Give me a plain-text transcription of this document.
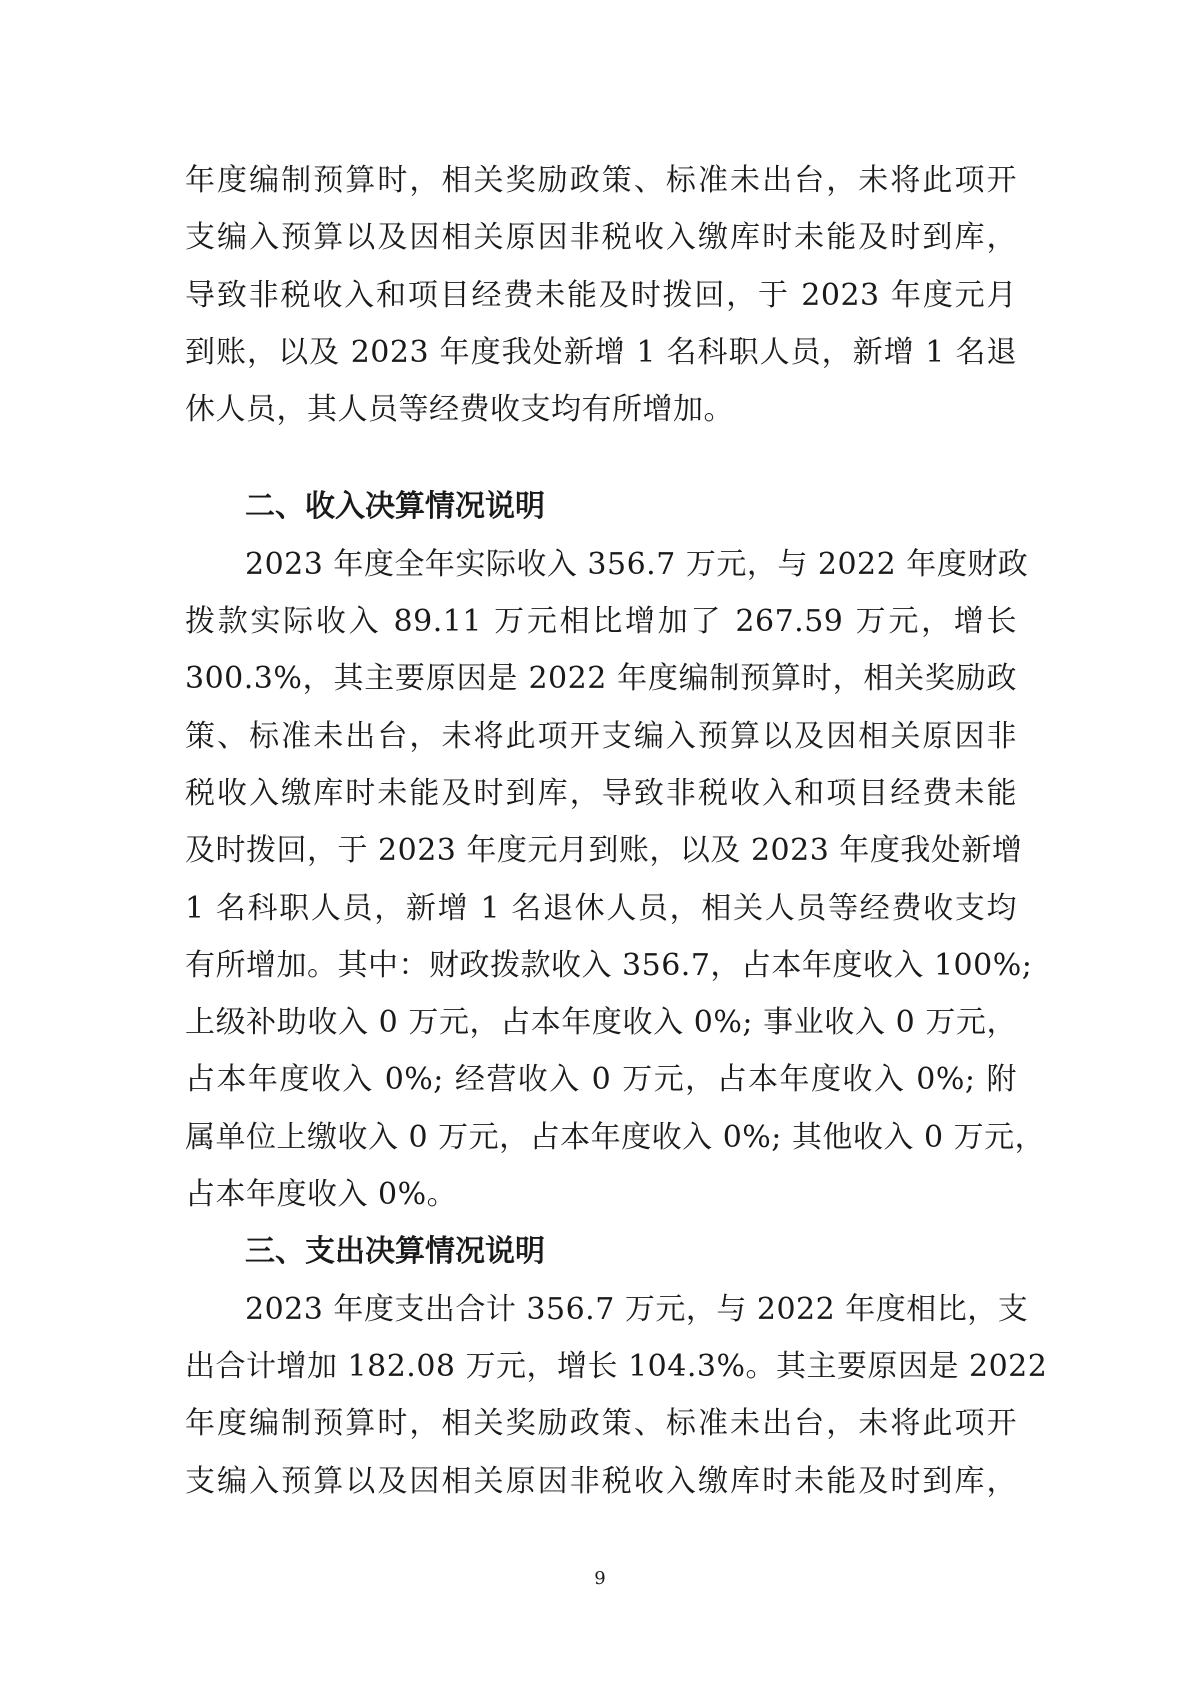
年度编制预算时，相关奖励政策、标准未出台，未将此项开
支编入预算以及因相关原因非税收入缴库时未能及时到库，
导致非税收入和项目经费未能及时拨回，于 2023 年度元月
到账，以及 2023 年度我处新增 1 名科职人员，新增 1 名退
休人员，其人员等经费收支均有所增加。
二、收入决算情况说明
2023 年度全年实际收入 356.7 万元，与 2022 年度财政
拨款实际收入 89.11 万元相比增加了 267.59 万元，增长
300.3%，其主要原因是 2022 年度编制预算时，相关奖励政
策、标准未出台，未将此项开支编入预算以及因相关原因非
税收入缴库时未能及时到库，导致非税收入和项目经费未能
及时拨回，于 2023 年度元月到账，以及 2023 年度我处新增
1 名科职人员，新增 1 名退休人员，相关人员等经费收支均
有所增加。其中：财政拨款收入 356.7，占本年度收入 100%;
上级补助收入 0 万元，占本年度收入 0%; 事业收入 0 万元，
占本年度收入 0%; 经营收入 0 万元，占本年度收入 0%; 附
属单位上缴收入 0 万元，占本年度收入 0%; 其他收入 0 万元，
占本年度收入 0%。
三、支出决算情况说明
2023 年度支出合计 356.7 万元，与 2022 年度相比，支
出合计增加 182.08 万元，增长 104.3%。其主要原因是 2022
年度编制预算时，相关奖励政策、标准未出台，未将此项开
支编入预算以及因相关原因非税收入缴库时未能及时到库，
9
